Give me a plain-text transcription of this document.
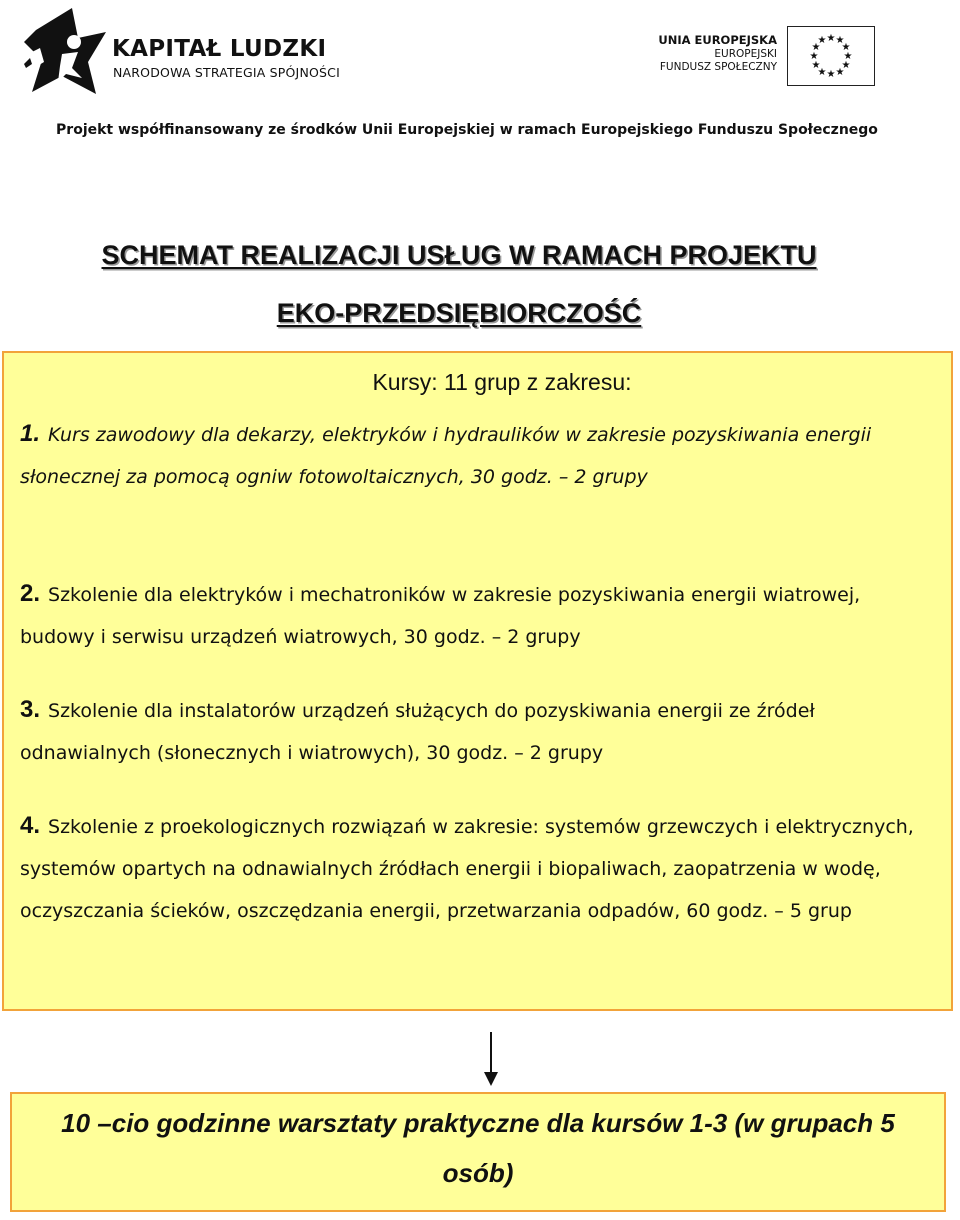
KAPITAŁ LUDZKI
NARODOWA STRATEGIA SPÓJNOŚCI
UNIA EUROPEJSKA
EUROPEJSKI
FUNDUSZ SPOŁECZNY
★ ★
★
★
★
★
★
★
★
★
★
★
Projekt współfinansowany ze środków Unii Europejskiej w ramach Europejskiego Funduszu Społecznego
SCHEMAT REALIZACJI USŁUG W RAMACH PROJEKTU
EKO-PRZEDSIĘBIORCZOŚĆ
Kursy: 11 grup z zakresu:
1. Kurs zawodowy dla dekarzy, elektryków i hydraulików w zakresie pozyskiwania energii słonecznej za pomocą ogniw fotowoltaicznych, 30 godz. – 2 grupy
2. Szkolenie dla elektryków i mechatroników w zakresie pozyskiwania energii wiatrowej, budowy i serwisu urządzeń wiatrowych, 30 godz. – 2 grupy
3. Szkolenie dla instalatorów urządzeń służących do pozyskiwania energii ze źródeł odnawialnych (słonecznych i wiatrowych), 30 godz. – 2 grupy
4. Szkolenie z proekologicznych rozwiązań w zakresie: systemów grzewczych i elektrycznych, systemów opartych na odnawialnych źródłach energii i biopaliwach, zaopatrzenia w wodę, oczyszczania ścieków, oszczędzania energii, przetwarzania odpadów, 60 godz. – 5 grup
10 –cio godzinne warsztaty praktyczne dla kursów 1-3 (w grupach 5 osób)
